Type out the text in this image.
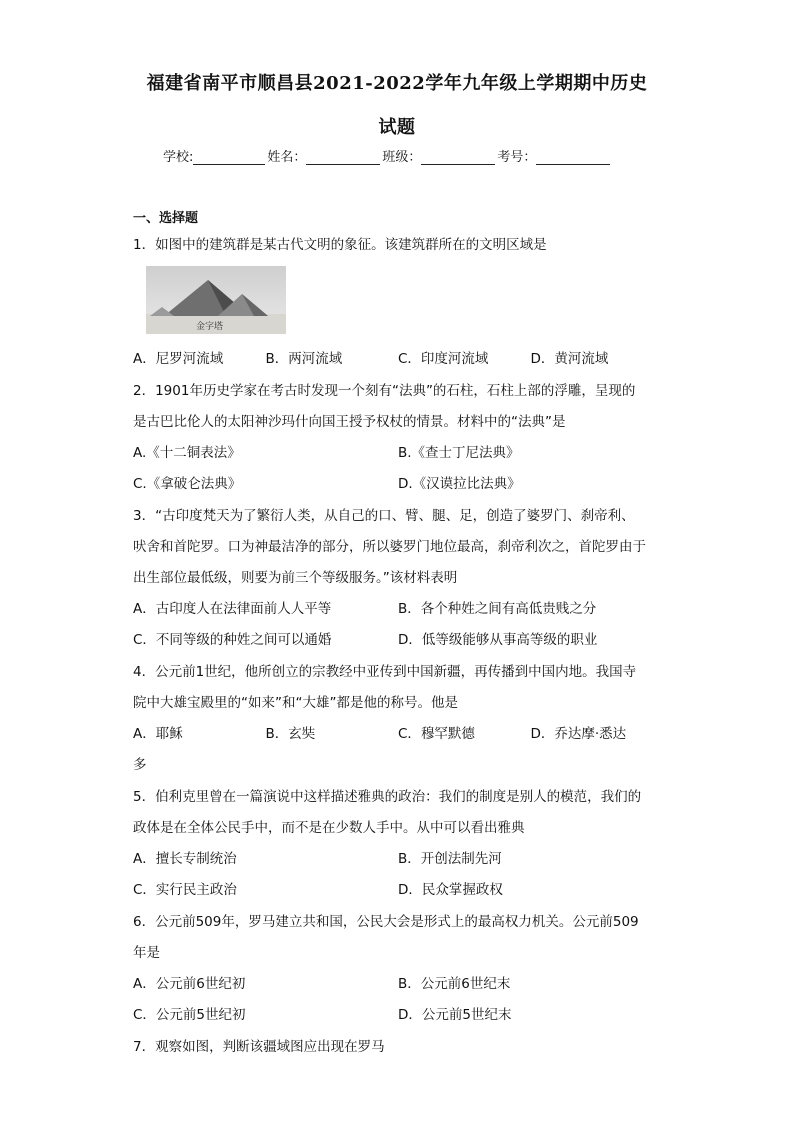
福建省南平市顺昌县2021-2022学年九年级上学期期中历史
试题
学校:	姓名：	班级：	考号：
一、选择题
1．如图中的建筑群是某古代文明的象征。该建筑群所在的文明区域是
金字塔
A．尼罗河流域	B．两河流域	C．印度河流域	D．黄河流域
2．1901年历史学家在考古时发现一个刻有“法典”的石柱，石柱上部的浮雕，呈现的
是古巴比伦人的太阳神沙玛什向国王授予权杖的情景。材料中的“法典”是
A.《十二铜表法》	B.《查士丁尼法典》
C.《拿破仑法典》	D.《汉谟拉比法典》
3．“古印度梵天为了繁衍人类，从自己的口、臂、腿、足，创造了婆罗门、刹帝利、
吠舍和首陀罗。口为神最洁净的部分，所以婆罗门地位最高，刹帝利次之，首陀罗由于
出生部位最低级，则要为前三个等级服务。”该材料表明
A．古印度人在法律面前人人平等	B．各个种姓之间有高低贵贱之分
C．不同等级的种姓之间可以通婚	D．低等级能够从事高等级的职业
4．公元前1世纪，他所创立的宗教经中亚传到中国新疆，再传播到中国内地。我国寺
院中大雄宝殿里的“如来”和“大雄”都是他的称号。他是
A．耶稣	B．玄奘	C．穆罕默德	D．乔达摩·悉达
多
5．伯利克里曾在一篇演说中这样描述雅典的政治：我们的制度是别人的模范，我们的
政体是在全体公民手中，而不是在少数人手中。从中可以看出雅典
A．擅长专制统治	B．开创法制先河
C．实行民主政治	D．民众掌握政权
6．公元前509年，罗马建立共和国，公民大会是形式上的最高权力机关。公元前509
年是
A．公元前6世纪初	B．公元前6世纪末
C．公元前5世纪初	D．公元前5世纪末
7．观察如图，判断该疆域图应出现在罗马
